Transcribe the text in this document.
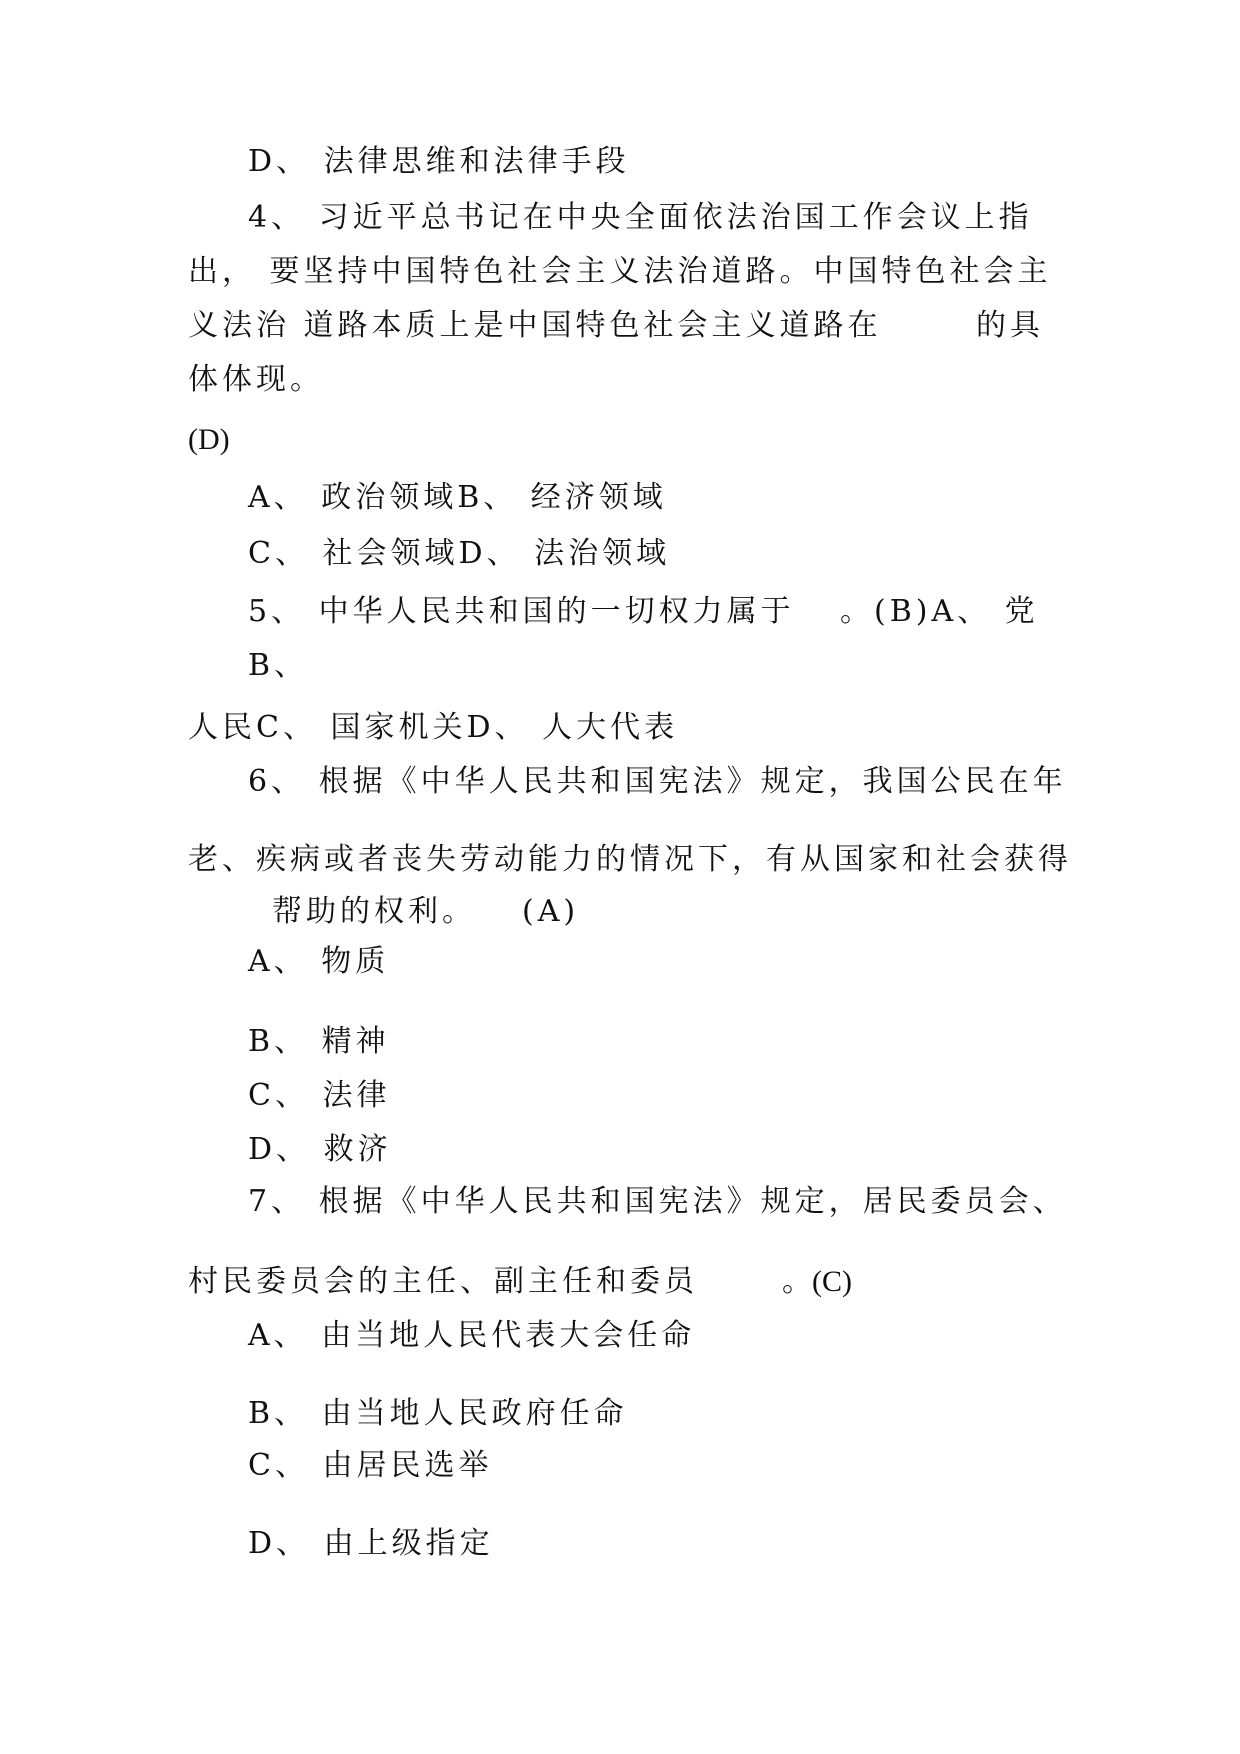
D、 法律思维和法律手段
4、 习近平总书记在中央全面依法治国工作会议上指
出， 要坚持中国特色社会主义法治道路。中国特色社会主
义法治 道路本质上是中国特色社会主义道路在	的具
体体现。
(D)
A、 政治领域B、 经济领域
C、 社会领域D、 法治领域
5、 中华人民共和国的一切权力属于 。(B)A、 党
B、
人民C、 国家机关D、 人大代表
6、 根据《中华人民共和国宪法》规定，我国公民在年
老、疾病或者丧失劳动能力的情况下，有从国家和社会获得
帮助的权利。 (A)
A、 物质
B、 精神
C、 法律
D、 救济
7、 根据《中华人民共和国宪法》规定，居民委员会、
村民委员会的主任、副主任和委员	。(C)
A、 由当地人民代表大会任命
B、 由当地人民政府任命
C、 由居民选举
D、 由上级指定
